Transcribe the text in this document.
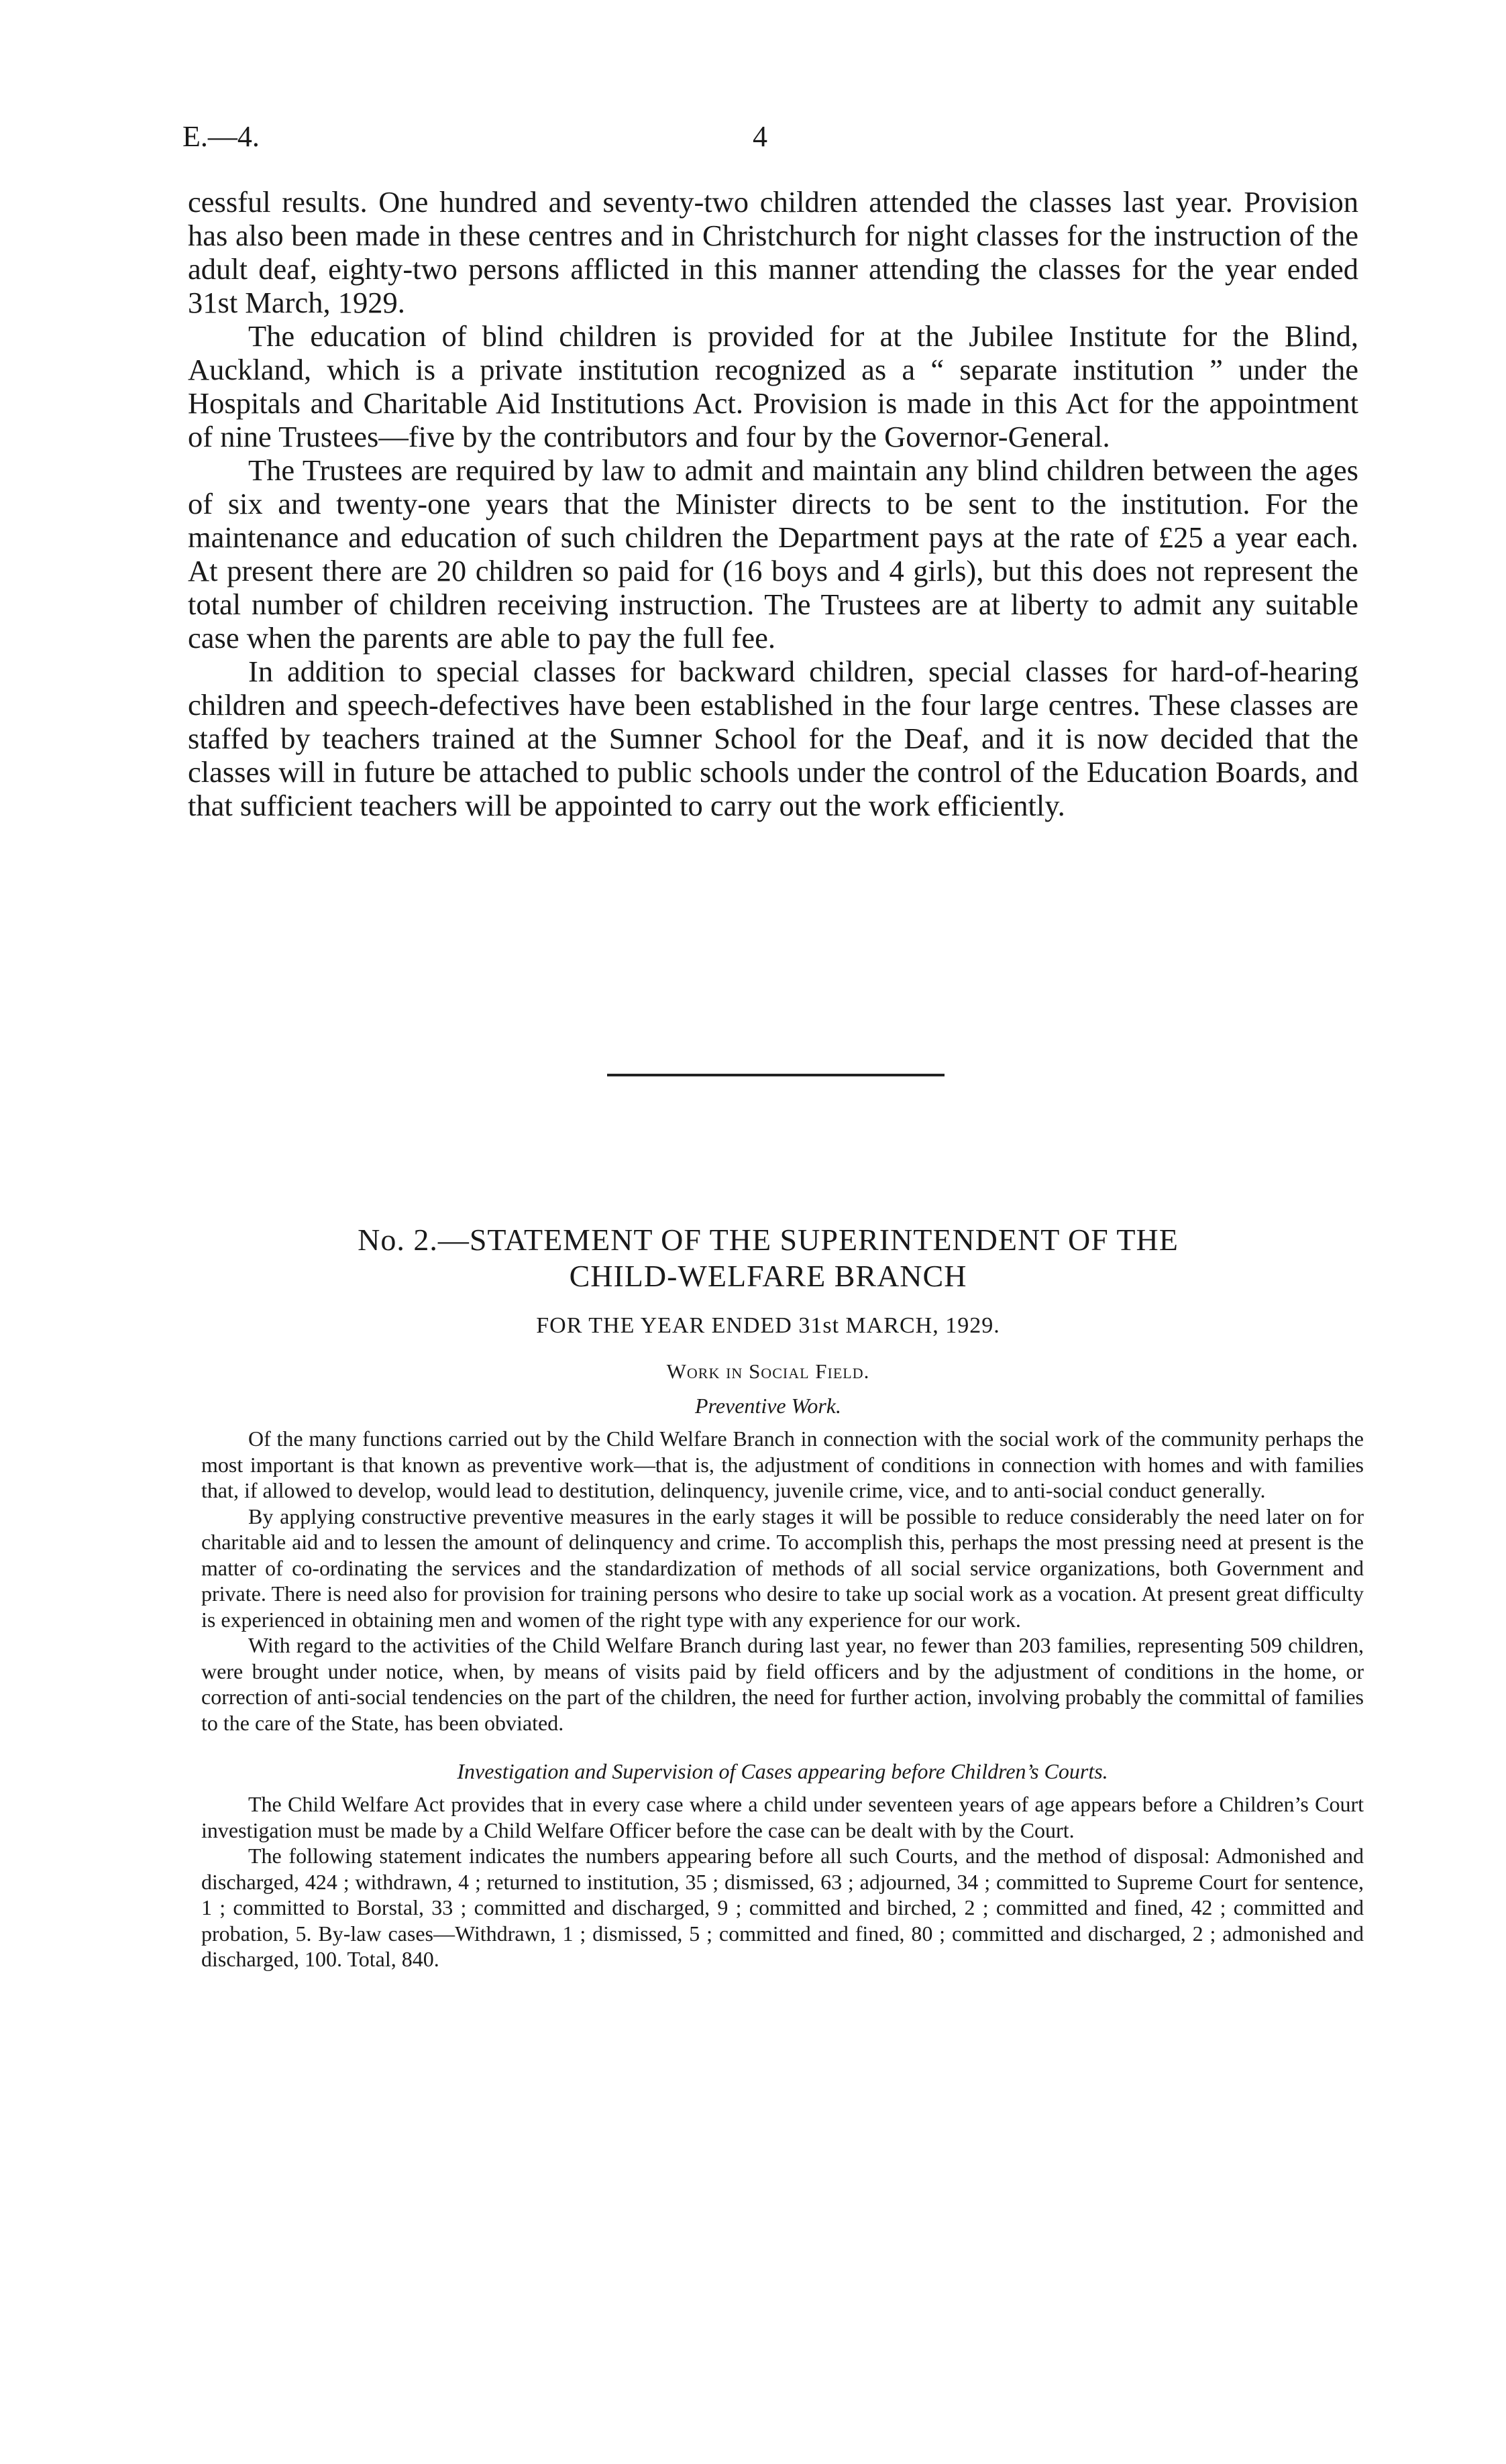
E.—4.	4

cessful results. One hundred and seventy-two children attended the classes last year. Provision has also been made in these centres and in Christchurch for night classes for the instruction of the adult deaf, eighty-two persons afflicted in this manner attending the classes for the year ended 31st March, 1929.

The education of blind children is provided for at the Jubilee Institute for the Blind, Auckland, which is a private institution recognized as a “ separate institution ” under the Hospitals and Charitable Aid Institutions Act. Provision is made in this Act for the appointment of nine Trustees—five by the contributors and four by the Governor-General.

The Trustees are required by law to admit and maintain any blind children between the ages of six and twenty-one years that the Minister directs to be sent to the institution. For the maintenance and education of such children the Department pays at the rate of £25 a year each. At present there are 20 children so paid for (16 boys and 4 girls), but this does not represent the total number of children receiving instruction. The Trustees are at liberty to admit any suitable case when the parents are able to pay the full fee.

In addition to special classes for backward children, special classes for hard-of-hearing children and speech-defectives have been established in the four large centres. These classes are staffed by teachers trained at the Sumner School for the Deaf, and it is now decided that the classes will in future be attached to public schools under the control of the Education Boards, and that sufficient teachers will be appointed to carry out the work efficiently.

No. 2.—STATEMENT OF THE SUPERINTENDENT OF THE
CHILD-WELFARE BRANCH
FOR THE YEAR ENDED 31st MARCH, 1929.
Work in Social Field.
Preventive Work.

Of the many functions carried out by the Child Welfare Branch in connection with the social work of the community perhaps the most important is that known as preventive work—that is, the adjustment of conditions in connection with homes and with families that, if allowed to develop, would lead to destitution, delinquency, juvenile crime, vice, and to anti-social conduct generally.

By applying constructive preventive measures in the early stages it will be possible to reduce considerably the need later on for charitable aid and to lessen the amount of delinquency and crime. To accomplish this, perhaps the most pressing need at present is the matter of co-ordinating the services and the standardization of methods of all social service organizations, both Government and private. There is need also for provision for training persons who desire to take up social work as a vocation. At present great difficulty is experienced in obtaining men and women of the right type with any experience for our work.

With regard to the activities of the Child Welfare Branch during last year, no fewer than 203 families, representing 509 children, were brought under notice, when, by means of visits paid by field officers and by the adjustment of conditions in the home, or correction of anti-social tendencies on the part of the children, the need for further action, involving probably the committal of families to the care of the State, has been obviated.

Investigation and Supervision of Cases appearing before Children’s Courts.

The Child Welfare Act provides that in every case where a child under seventeen years of age appears before a Children’s Court investigation must be made by a Child Welfare Officer before the case can be dealt with by the Court.

The following statement indicates the numbers appearing before all such Courts, and the method of disposal: Admonished and discharged, 424 ; withdrawn, 4 ; returned to institution, 35 ; dismissed, 63 ; adjourned, 34 ; committed to Supreme Court for sentence, 1 ; committed to Borstal, 33 ; committed and discharged, 9 ; committed and birched, 2 ; committed and fined, 42 ; committed and probation, 5. By-law cases—Withdrawn, 1 ; dismissed, 5 ; committed and fined, 80 ; committed and discharged, 2 ; admonished and discharged, 100. Total, 840.
